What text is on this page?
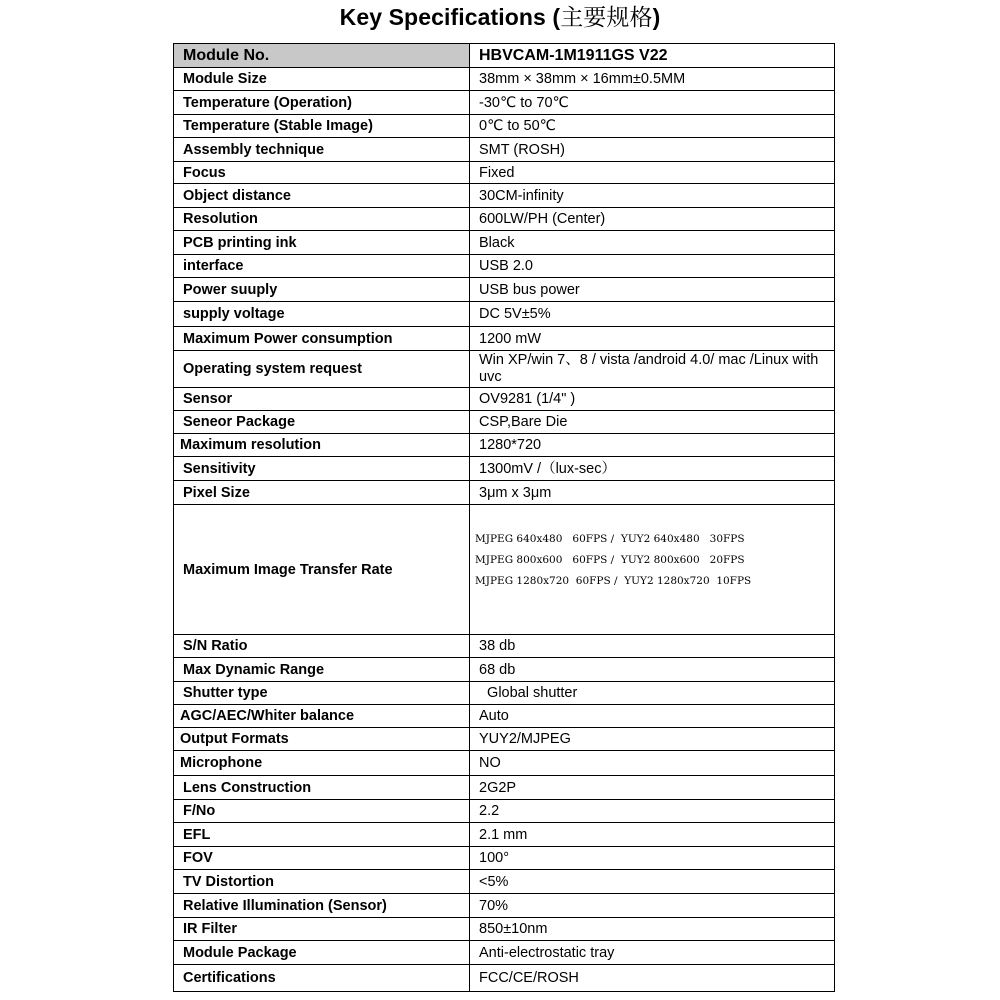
Key Specifications (主要规格)
Module No.	HBVCAM-1M1911GS V22
Module Size	38mm × 38mm × 16mm±0.5MM
Temperature (Operation)	-30℃ to 70℃
Temperature (Stable Image)	0℃ to 50℃
Assembly technique	SMT (ROSH)
Focus	Fixed
Object distance	30CM-infinity
Resolution	600LW/PH (Center)
PCB printing ink	Black
interface	USB 2.0
Power suuply	USB bus power
supply voltage	DC 5V±5%
Maximum Power consumption	1200 mW
Operating system request	Win XP/win 7、8 / vista /android 4.0/ mac /Linux with uvc
Sensor	OV9281 (1/4" )
Seneor Package	CSP,Bare Die
Maximum resolution	1280*720
Sensitivity	1300mV /（lux-sec）
Pixel Size	3μm x 3μm
Maximum Image Transfer Rate	MJPEG 640x480   60FPS /  YUY2 640x480   30FPS
MJPEG 800x600   60FPS /  YUY2 800x600   20FPS
MJPEG 1280x720  60FPS /  YUY2 1280x720  10FPS

S/N Ratio	38 db
Max Dynamic Range	68 db
Shutter type	Global shutter
AGC/AEC/Whiter balance	Auto
Output Formats	YUY2/MJPEG
Microphone	NO
Lens Construction	2G2P
F/No	2.2
EFL	2.1 mm
FOV	100°
TV Distortion	<5%
Relative Illumination (Sensor)	70%
IR Filter	850±10nm
Module Package	Anti-electrostatic tray
Certifications	FCC/CE/ROSH
